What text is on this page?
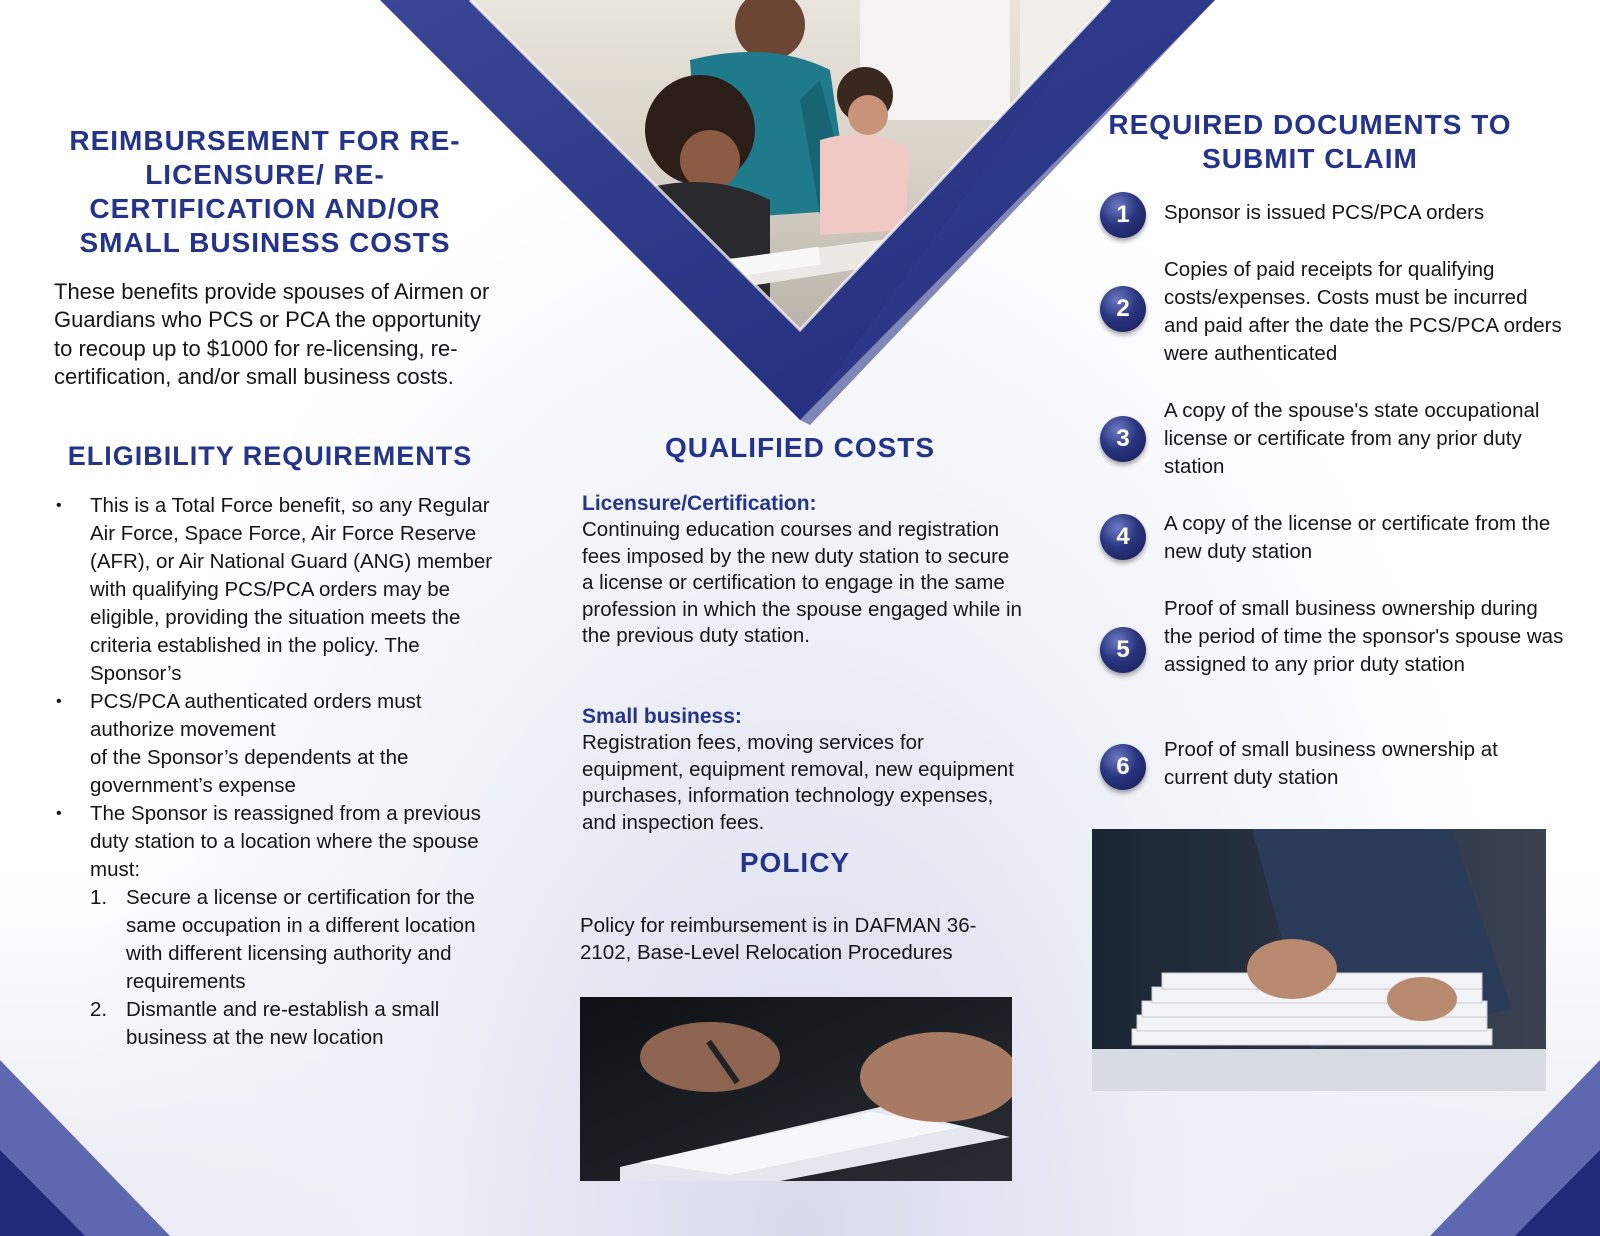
REIMBURSEMENT FOR RE-LICENSURE/ RE-CERTIFICATION AND/OR SMALL BUSINESS COSTS

These benefits provide spouses of Airmen or Guardians who PCS or PCA the opportunity to recoup up to $1000 for re-licensing, re-certification, and/or small business costs.

ELIGIBILITY REQUIREMENTS
• This is a Total Force benefit, so any Regular Air Force, Space Force, Air Force Reserve (AFR), or Air National Guard (ANG) member with qualifying PCS/PCA orders may be eligible, providing the situation meets the criteria established in the policy. The Sponsor’s
• PCS/PCA authenticated orders must authorize movement
of the Sponsor’s dependents at the government’s expense
• The Sponsor is reassigned from a previous duty station to a location where the spouse must:
1. Secure a license or certification for the same occupation in a different location with different licensing authority and requirements
2. Dismantle and re-establish a small business at the new location
QUALIFIED COSTS
Licensure/Certification:

Continuing education courses and registration fees imposed by the new duty station to secure a license or certification to engage in the same profession in which the spouse engaged while in the previous duty station.

Small business:

Registration fees, moving services for equipment, equipment removal, new equipment purchases, information technology expenses, and inspection fees.

POLICY

Policy for reimbursement is in DAFMAN 36-2102, Base-Level Relocation Procedures

REQUIRED DOCUMENTS TO SUBMIT CLAIM
1	Sponsor is issued PCS/PCA orders
2
Copies of paid receipts for qualifying costs/expenses. Costs must be incurred and paid after the date the PCS/PCA orders were authenticated
3
A copy of the spouse's state occupational license or certificate from any prior duty station
4	A copy of the license or certificate from the new duty station
5
Proof of small business ownership during the period of time the sponsor's spouse was assigned to any prior duty station
6
Proof of small business ownership at current duty station
